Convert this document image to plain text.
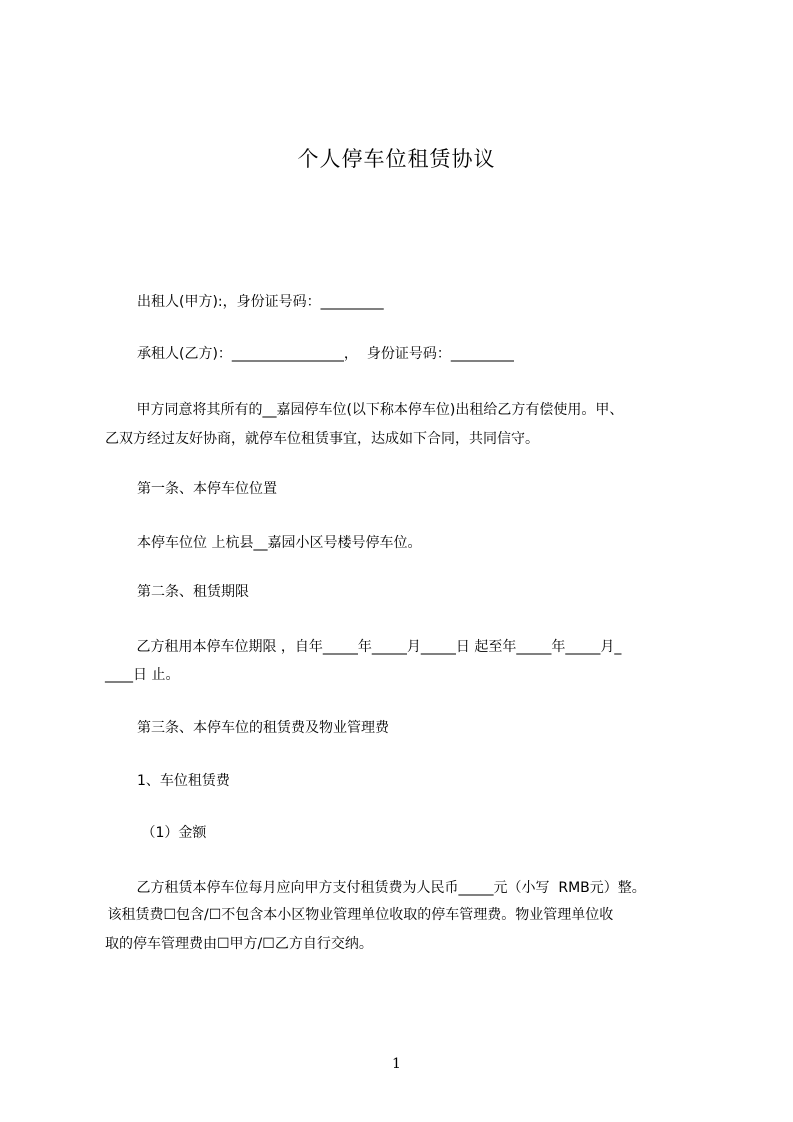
个人停车位租赁协议

出租人(甲方):，身份证号码：_________

承租人(乙方)：________________，  身份证号码：_________

甲方同意将其所有的__嘉园停车位(以下称本停车位)出租给乙方有偿使用。甲、

乙双方经过友好协商，就停车位租赁事宜，达成如下合同，共同信守。

第一条、本停车位位置

本停车位位 上杭县__嘉园小区号楼号停车位。

第二条、租赁期限

乙方租用本停车位期限 ，自年_____年_____月_____日 起至年_____年_____月_

____日 止。

第三条、本停车位的租赁费及物业管理费

1、车位租赁费

（1）金额

乙方租赁本停车位每月应向甲方支付租赁费为人民币_____元（小写  RMB元）整。

该租赁费☐包含/☐不包含本小区物业管理单位收取的停车管理费。物业管理单位收

取的停车管理费由☐甲方/☐乙方自行交纳。

1
